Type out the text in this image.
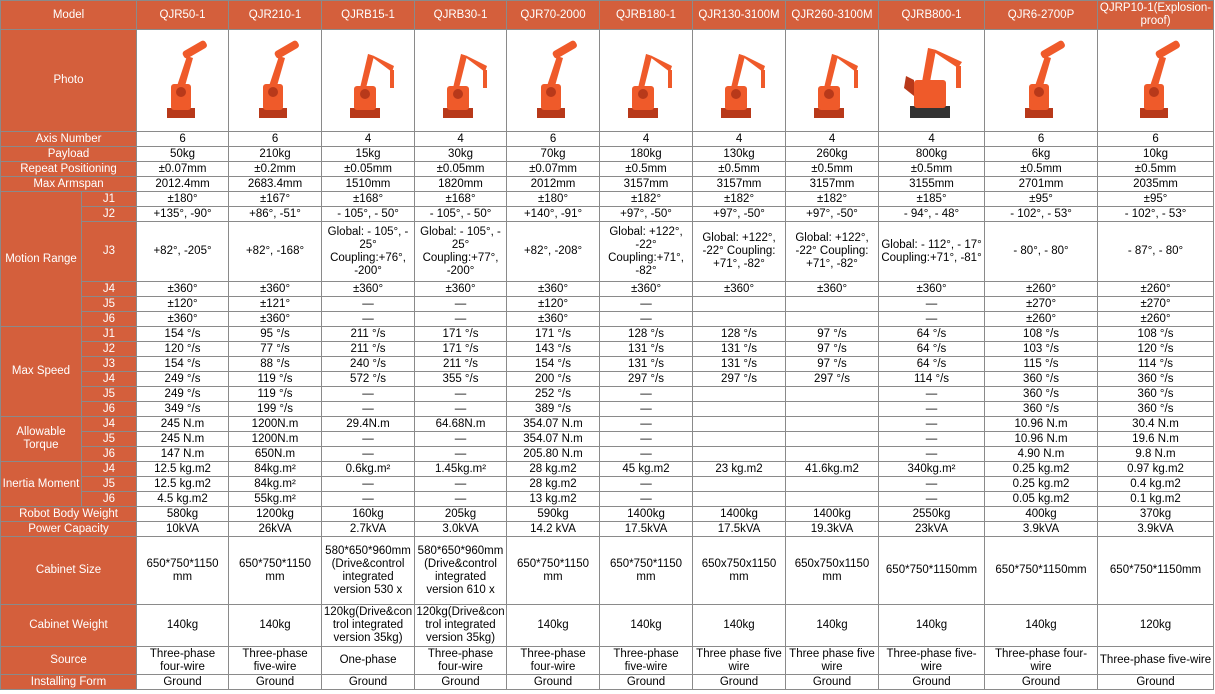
Model		QJR50-1	QJR210-1	QJRB15-1	QJRB30-1	QJR70-2000	QJRB180-1	QJR130-3100M	QJR260-3100M	QJRB800-1	QJR6-2700P	QJRP10-1(Explosion-proof)
Photo	

Axis Number		6	6	4	4	6	4	4	4	4	6	6
Payload		50kg	210kg	15kg	30kg	70kg	180kg	130kg	260kg	800kg	6kg	10kg
Repeat Positioning		±0.07mm	±0.2mm	±0.05mm	±0.05mm	±0.07mm	±0.5mm	±0.5mm	±0.5mm	±0.5mm	±0.5mm	±0.5mm
Max Armspan		2012.4mm	2683.4mm	1510mm	1820mm	2012mm	3157mm	3157mm	3157mm	3155mm	2701mm	2035mm
Motion Range	J1	±180°	±167°	±168°	±168°	±180°	±182°	±182°	±182°	±185°	±95°	±95°
	J2	+135°, -90°	+86°, -51°	- 105°, - 50°	- 105°, - 50°	+140°, -91°	+97°, -50°	+97°, -50°	+97°, -50°	- 94°, - 48°	- 102°, - 53°	- 102°, - 53°
	J3	+82°, -205°	+82°, -168°	Global: - 105°, - 25° Coupling:+76°, -200°	Global: - 105°, - 25° Coupling:+77°, -200°	+82°, -208°	Global: +122°, -22° Coupling:+71°, -82°	Global: +122°, -22° Coupling: +71°, -82°	Global: +122°, -22° Coupling: +71°, -82°	Global: - 112°, - 17° Coupling:+71°, -81°	- 80°, - 80°	- 87°, - 80°
	J4	±360°	±360°	±360°	±360°	±360°	±360°	±360°	±360°	±360°	±260°	±260°
	J5	±120°	±121°	—	—	±120°	—			—	±270°	±270°
	J6	±360°	±360°	—	—	±360°	—			—	±260°	±260°
Max Speed	J1	154 °/s	95 °/s	211 °/s	171 °/s	171 °/s	128 °/s	128 °/s	97 °/s	64 °/s	108 °/s	108 °/s
	J2	120 °/s	77 °/s	211 °/s	171 °/s	143 °/s	131 °/s	131 °/s	97 °/s	64 °/s	103 °/s	120 °/s
	J3	154 °/s	88 °/s	240 °/s	211 °/s	154 °/s	131 °/s	131 °/s	97 °/s	64 °/s	115 °/s	114 °/s
	J4	249 °/s	119 °/s	572 °/s	355 °/s	200 °/s	297 °/s	297 °/s	297 °/s	114 °/s	360 °/s	360 °/s
	J5	249 °/s	119 °/s	—	—	252 °/s	—			—	360 °/s	360 °/s
	J6	349 °/s	199 °/s	—	—	389 °/s	—			—	360 °/s	360 °/s
Allowable Torque	J4	245 N.m	1200N.m	29.4N.m	64.68N.m	354.07 N.m	—			—	10.96 N.m	30.4 N.m
	J5	245 N.m	1200N.m	—	—	354.07 N.m	—			—	10.96 N.m	19.6 N.m
	J6	147 N.m	650N.m	—	—	205.80 N.m	—			—	4.90 N.m	9.8 N.m
Inertia Moment	J4	12.5 kg.m2	84kg.m²	0.6kg.m²	1.45kg.m²	28 kg.m2	45 kg.m2	23 kg.m2	41.6kg.m2	340kg.m²	0.25 kg.m2	0.97 kg.m2
	J5	12.5 kg.m2	84kg.m²	—	—	28 kg.m2	—			—	0.25 kg.m2	0.4 kg.m2
	J6	4.5 kg.m2	55kg.m²	—	—	13 kg.m2	—			—	0.05 kg.m2	0.1 kg.m2
Robot Body Weight		580kg	1200kg	160kg	205kg	590kg	1400kg	1400kg	1400kg	2550kg	400kg	370kg
Power Capacity		10kVA	26kVA	2.7kVA	3.0kVA	14.2 kVA	17.5kVA	17.5kVA	19.3kVA	23kVA	3.9kVA	3.9kVA
Cabinet Size		650*750*1150 mm	650*750*1150 mm	580*650*960mm (Drive&control integrated version 530 x	580*650*960mm (Drive&control integrated version 610 x	650*750*1150 mm	650*750*1150 mm	650x750x1150 mm	650x750x1150 mm	650*750*1150mm	650*750*1150mm	650*750*1150mm
Cabinet Weight		140kg	140kg	120kg(Drive&control integrated version 35kg)	120kg(Drive&control integrated version 35kg)	140kg	140kg	140kg	140kg	140kg	140kg	120kg
Source		Three-phase four-wire	Three-phase five-wire	One-phase	Three-phase four-wire	Three-phase four-wire	Three-phase five-wire	Three phase five wire	Three phase five wire	Three-phase five-wire	Three-phase four-wire	Three-phase five-wire
Installing Form		Ground	Ground	Ground	Ground	Ground	Ground	Ground	Ground	Ground	Ground	Ground
